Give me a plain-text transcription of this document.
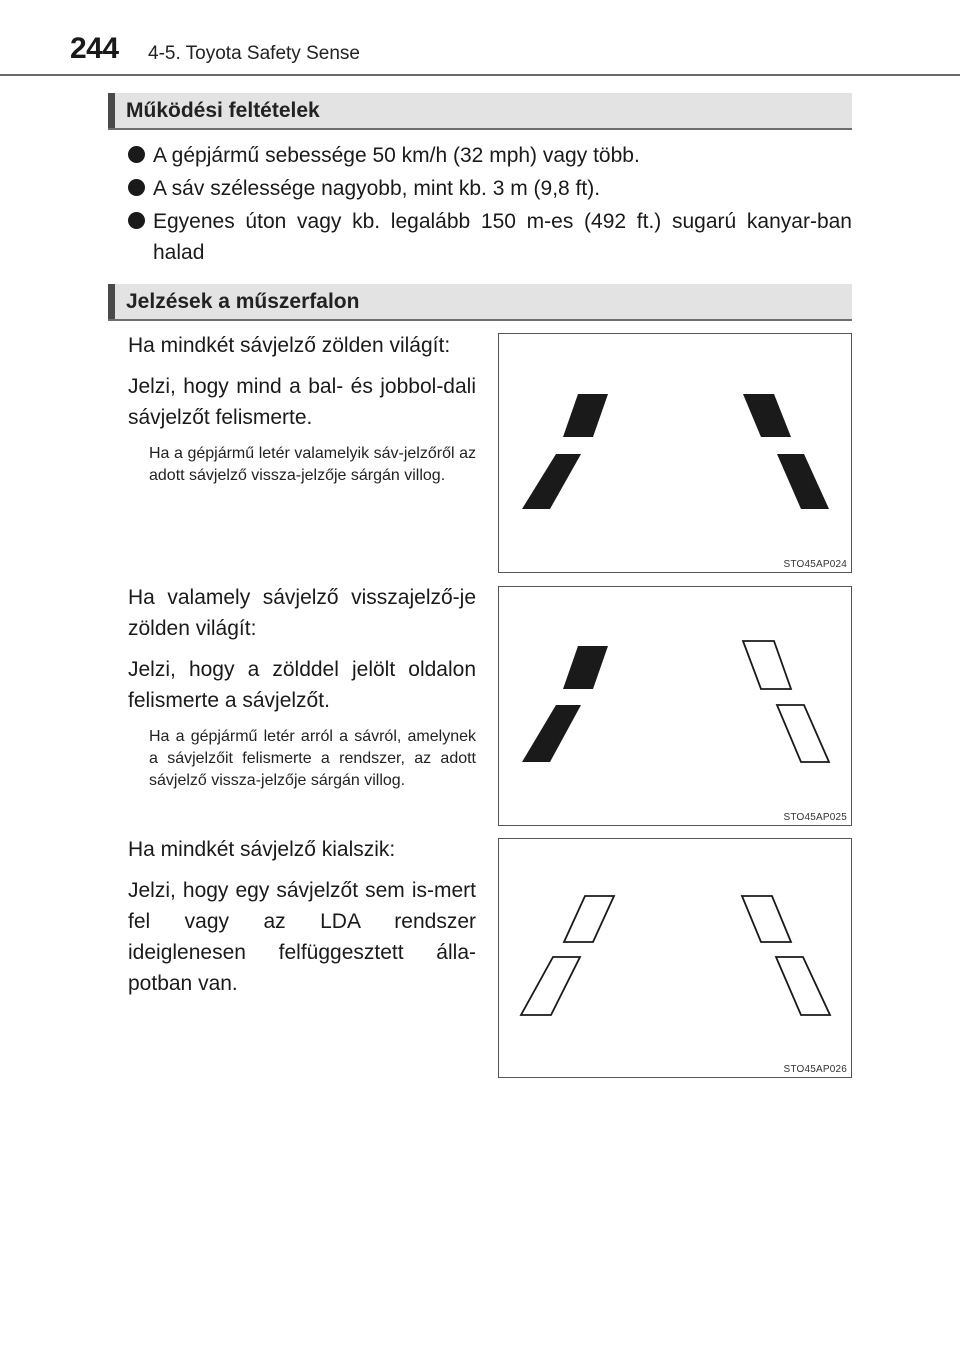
244 4-5. Toyota Safety Sense
Működési feltételek
A gépjármű sebessége 50 km/h (32 mph) vagy több.
A sáv szélessége nagyobb, mint kb. 3 m (9,8 ft).
Egyenes úton vagy kb. legalább 150 m-es (492 ft.) sugarú kanyar-ban halad
Jelzések a műszerfalon

Ha mindkét sávjelző zölden világít:

Jelzi, hogy mind a bal- és jobbol-dali sávjelzőt felismerte.

Ha a gépjármű letér valamelyik sáv-jelzőről az adott sávjelző vissza-jelzője sárgán villog.

STO45AP024

Ha valamely sávjelző visszajelző-je zölden világít:

Jelzi, hogy a zölddel jelölt oldalon felismerte a sávjelzőt.

Ha a gépjármű letér arról a sávról, amelynek a sávjelzőit felismerte a rendszer, az adott sávjelző vissza-jelzője sárgán villog.

STO45AP025

Ha mindkét sávjelző kialszik:

Jelzi, hogy egy sávjelzőt sem is-mert fel vagy az LDA rendszer ideiglenesen felfüggesztett álla-potban van.

STO45AP026
